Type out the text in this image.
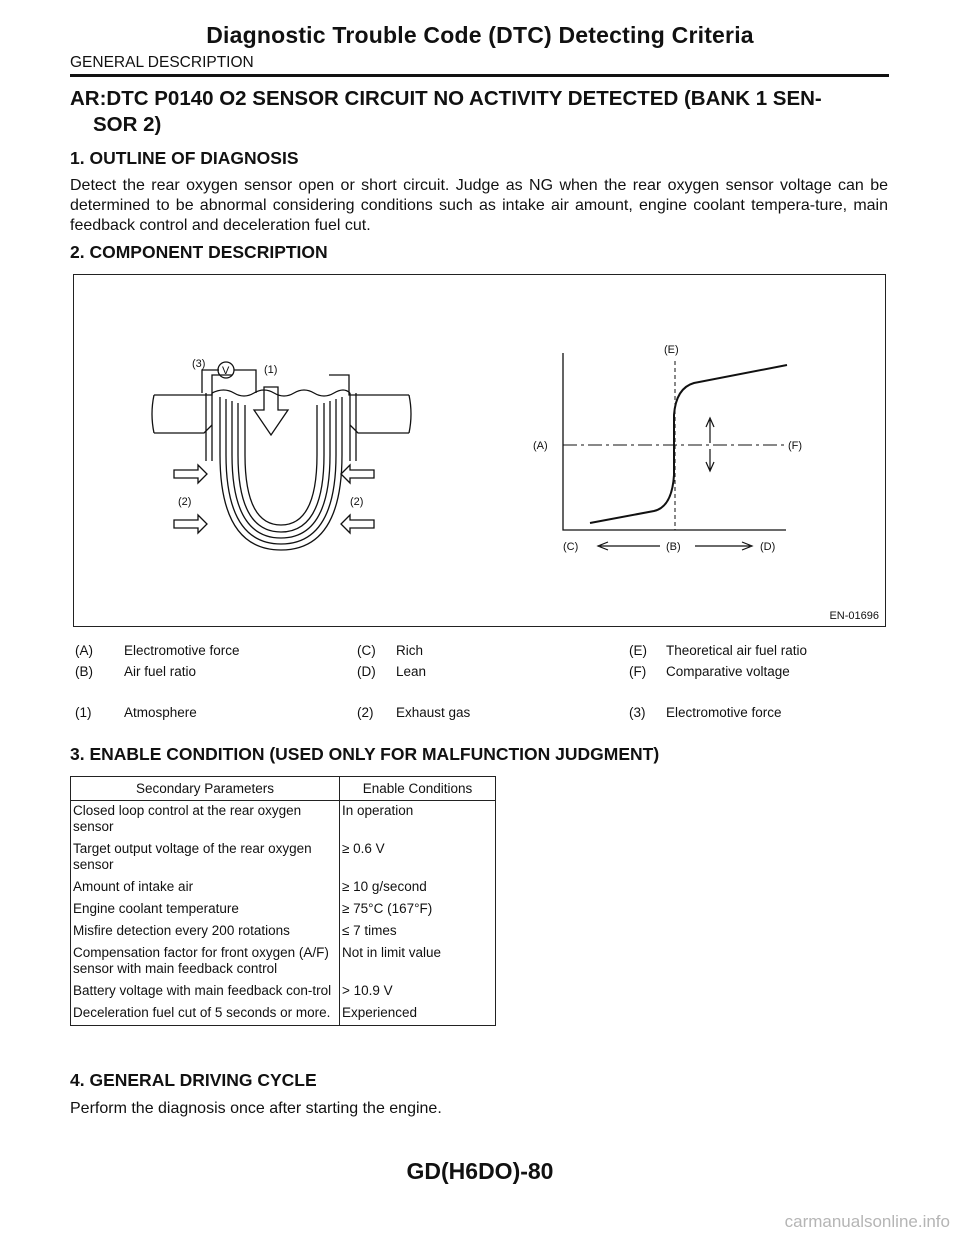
Diagnostic Trouble Code (DTC) Detecting Criteria
GENERAL DESCRIPTION
AR:DTC P0140 O2 SENSOR CIRCUIT NO ACTIVITY DETECTED (BANK 1 SEN-
SOR 2)
1. OUTLINE OF DIAGNOSIS
Detect the rear oxygen sensor open or short circuit. Judge as NG when the rear oxygen sensor voltage can be determined to be abnormal considering conditions such as intake air amount, engine coolant tempera-ture, main feedback control and deceleration fuel cut.
2. COMPONENT DESCRIPTION
(3)
V	(1)
(2)	(2)
(E)
(A)	(F)
(C)	(B)	(D)
EN-01696
(A) Electromotive force	(C) Rich	(E) Theoretical air fuel ratio
(B) Air fuel ratio	(D) Lean	(F) Comparative voltage
(1) Atmosphere	(2) Exhaust gas	(3) Electromotive force
3. ENABLE CONDITION (USED ONLY FOR MALFUNCTION JUDGMENT)
Secondary Parameters	Enable Conditions
Closed loop control at the rear oxygen sensor	In operation
Target output voltage of the rear oxygen sensor	≥ 0.6 V
Amount of intake air	≥ 10 g/second
Engine coolant temperature	≥ 75°C (167°F)
Misfire detection every 200 rotations	≤ 7 times
Compensation factor for front oxygen (A/F) sensor with main feedback control	Not in limit value
Battery voltage with main feedback con-trol	> 10.9 V
Deceleration fuel cut of 5 seconds or more.	Experienced
4. GENERAL DRIVING CYCLE
Perform the diagnosis once after starting the engine.
GD(H6DO)-80
carmanualsonline.info
